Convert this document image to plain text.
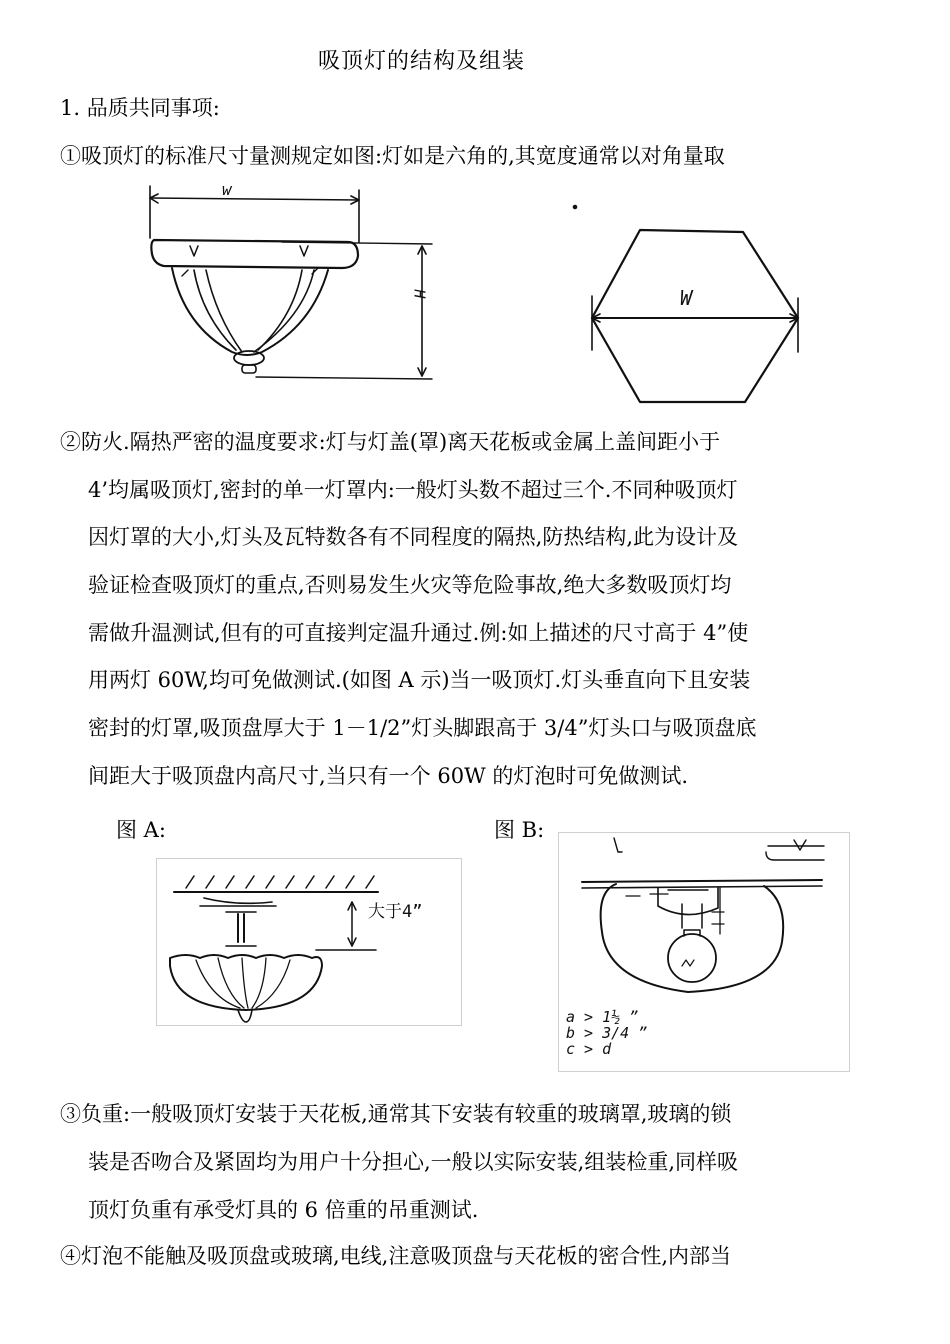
吸顶灯的结构及组装
1. 品质共同事项:
①吸顶灯的标准尺寸量测规定如图:灯如是六角的,其宽度通常以对角量取
w
H	W
②防火.隔热严密的温度要求:灯与灯盖(罩)离天花板或金属上盖间距小于
4’均属吸顶灯,密封的单一灯罩内:一般灯头数不超过三个.不同种吸顶灯
因灯罩的大小,灯头及瓦特数各有不同程度的隔热,防热结构,此为设计及
验证检查吸顶灯的重点,否则易发生火灾等危险事故,绝大多数吸顶灯均
需做升温测试,但有的可直接判定温升通过.例:如上描述的尺寸高于 4”使
用两灯 60W,均可免做测试.(如图 A 示)当一吸顶灯.灯头垂直向下且安装
密封的灯罩,吸顶盘厚大于 1－1/2”灯头脚跟高于 3/4”灯头口与吸顶盘底
间距大于吸顶盘内高尺寸,当只有一个 60W 的灯泡时可免做测试.
图 A:	图 B:
大于4”
a > 1½ ”
b > 3/4 ”
c > d
③负重:一般吸顶灯安装于天花板,通常其下安装有较重的玻璃罩,玻璃的锁
装是否吻合及紧固均为用户十分担心,一般以实际安装,组装检重,同样吸
顶灯负重有承受灯具的 6 倍重的吊重测试.
④灯泡不能触及吸顶盘或玻璃,电线,注意吸顶盘与天花板的密合性,内部当
